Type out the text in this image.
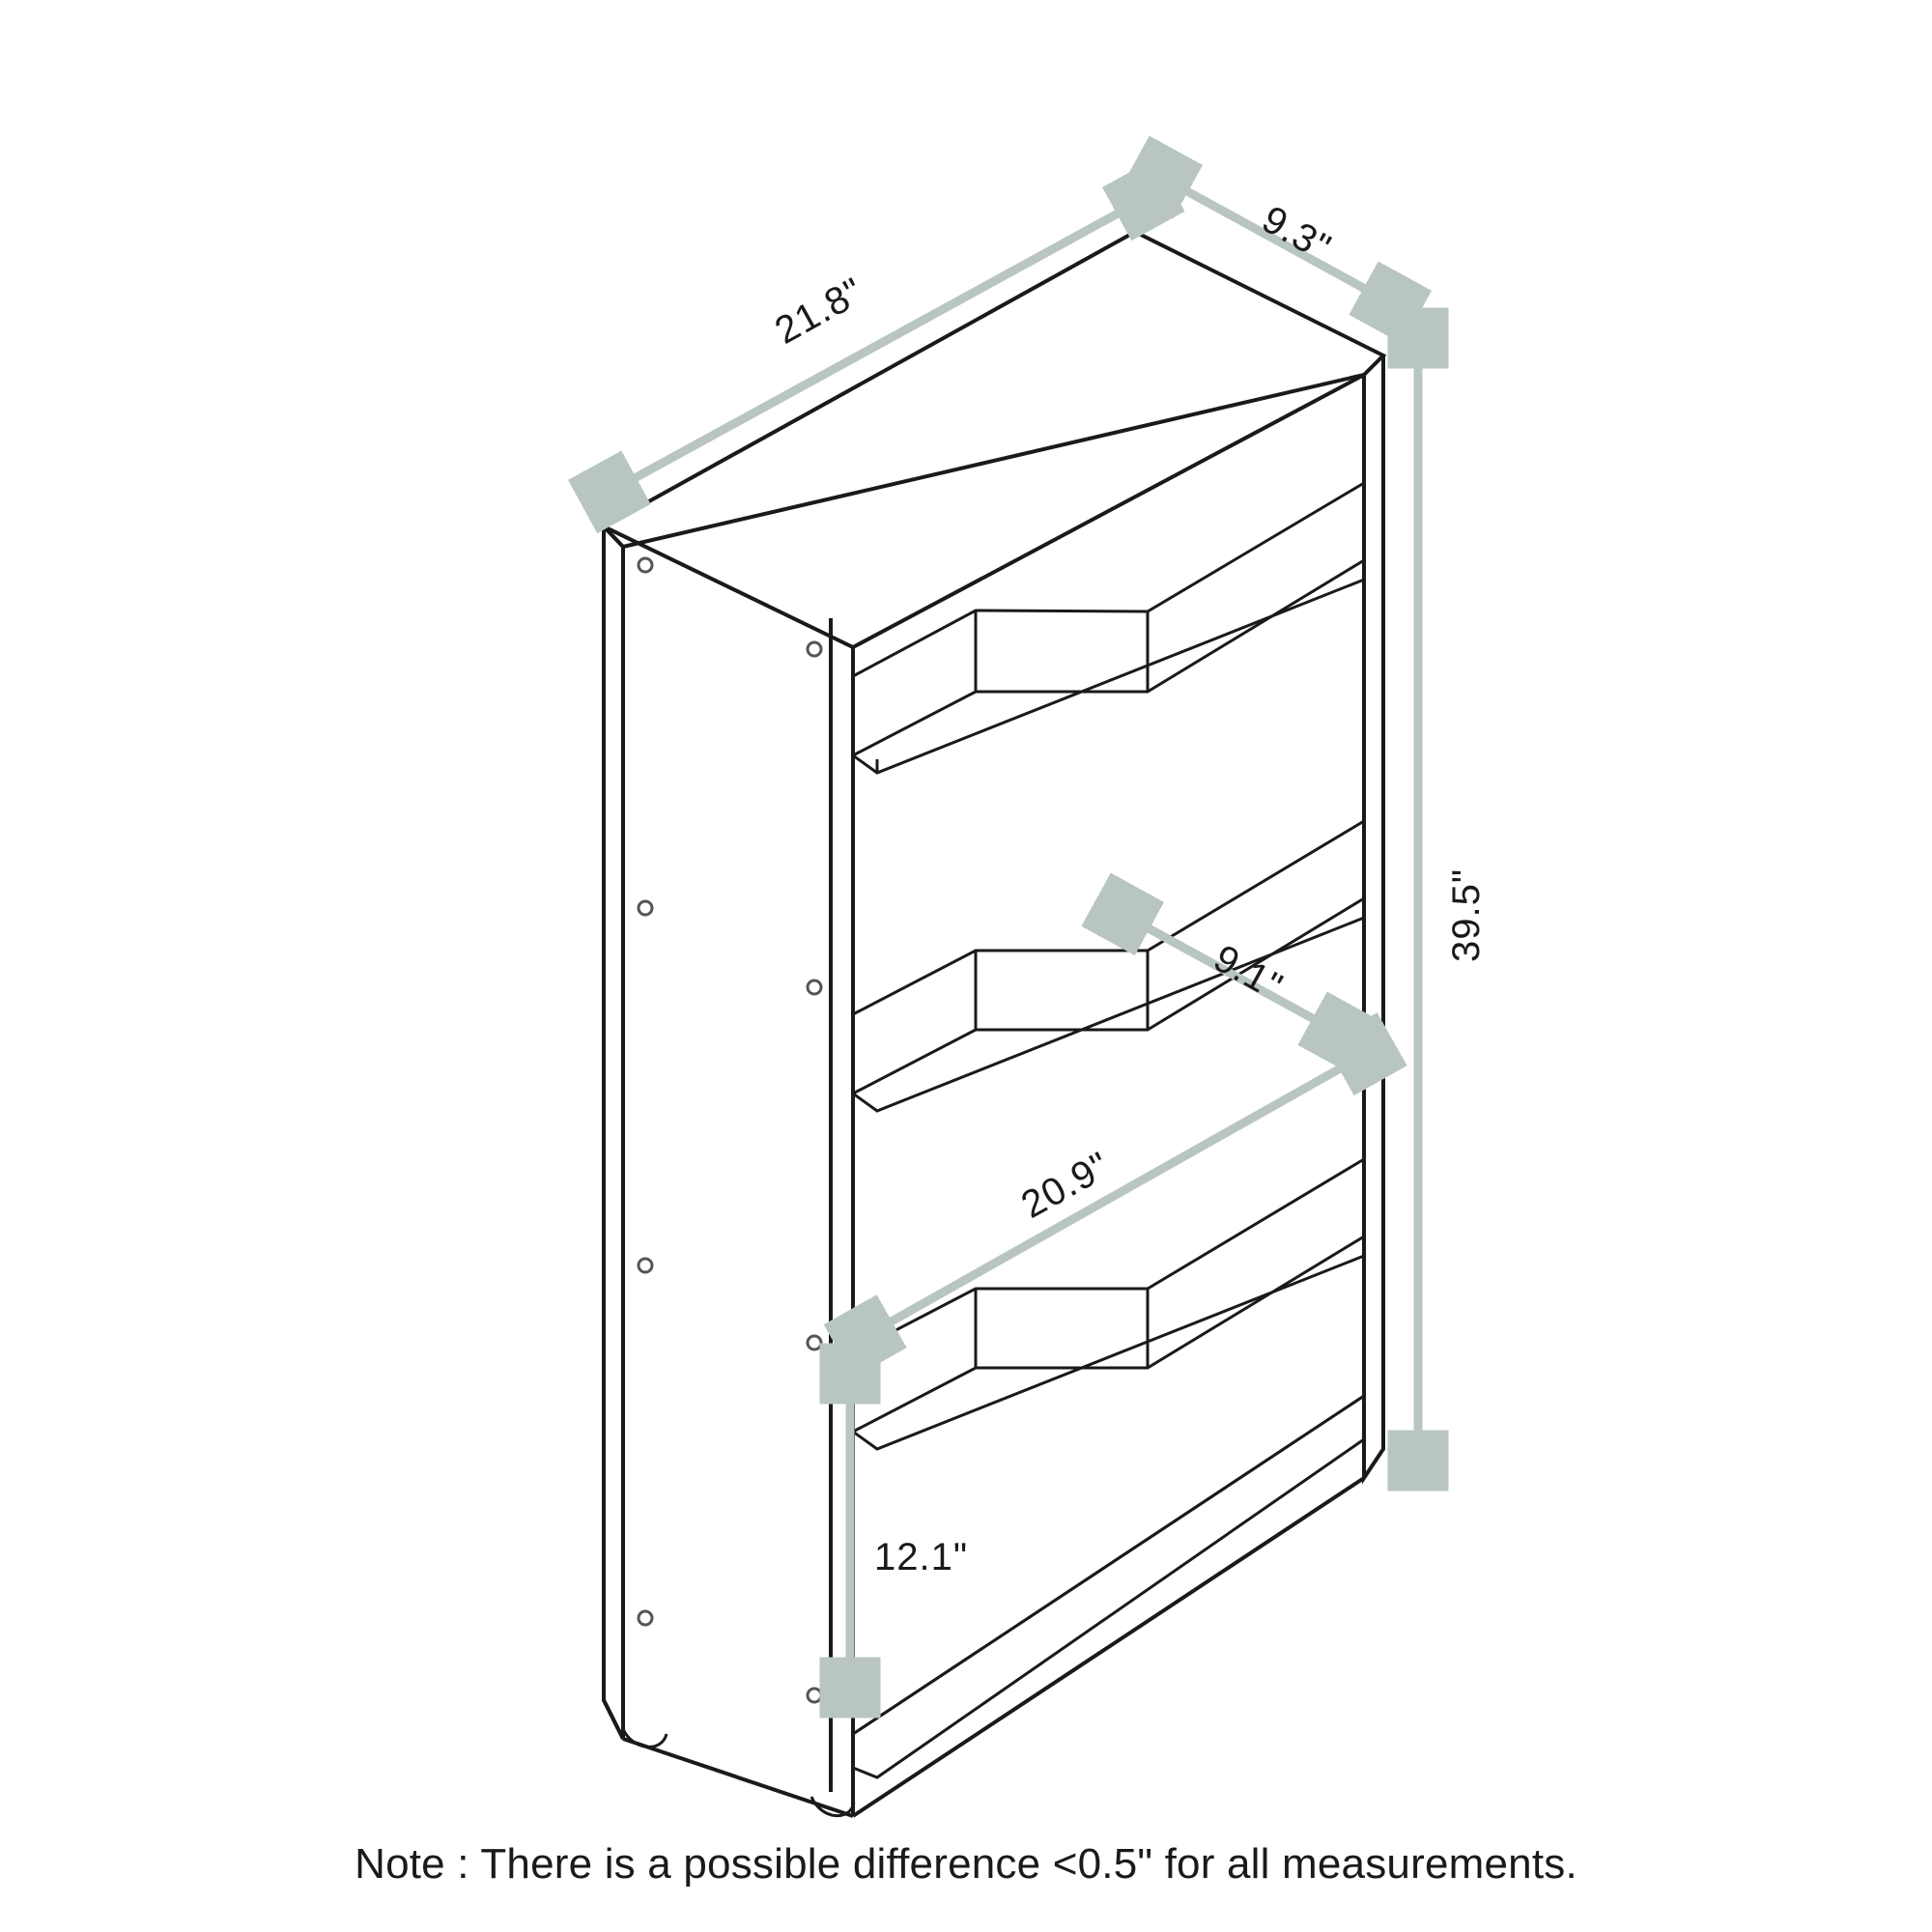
21.8"
9.3"
39.5"
9.1"
20.9"
12.1"
Note : There is a possible difference <0.5" for all measurements.
